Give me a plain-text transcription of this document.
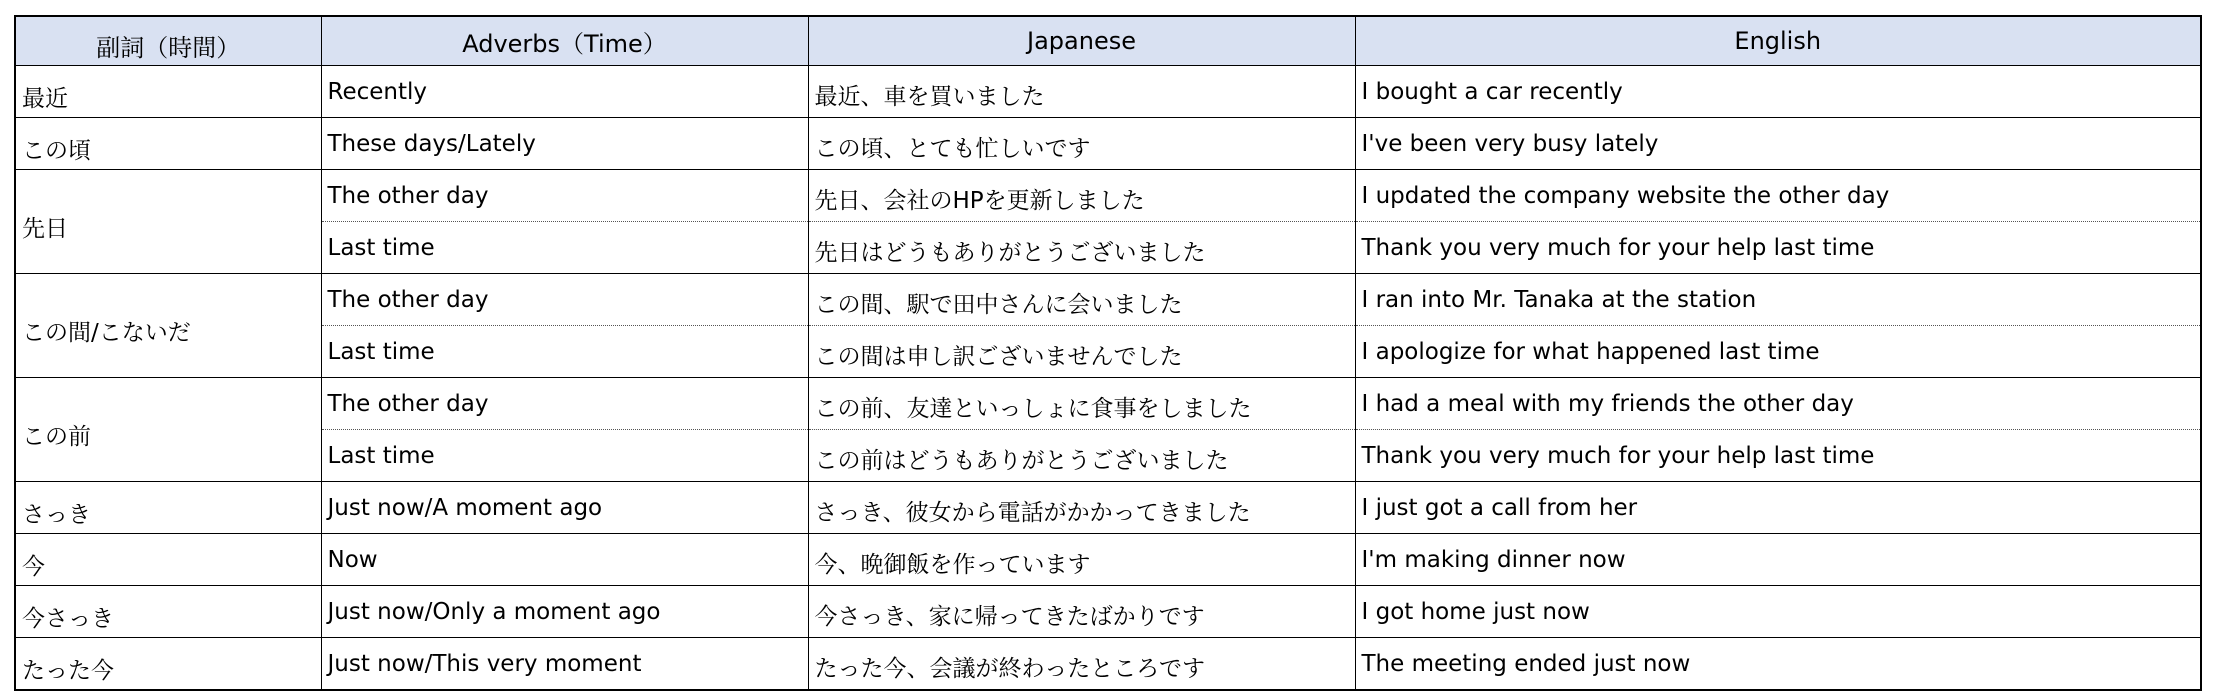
副詞（時間）	Adverbs（Time）	Japanese	English
最近	Recently	最近、車を買いました	I bought a car recently
この頃	These days/Lately	この頃、とても忙しいです	I've been very busy lately
先日	The other day	先日、会社のHPを更新しました	I updated the company website the other day
	Last time	先日はどうもありがとうございました	Thank you very much for your help last time
この間/こないだ	The other day	この間、駅で田中さんに会いました	I ran into Mr. Tanaka at the station
	Last time	この間は申し訳ございませんでした	I apologize for what happened last time
この前	The other day	この前、友達といっしょに食事をしました	I had a meal with my friends the other day
	Last time	この前はどうもありがとうございました	Thank you very much for your help last time
さっき	Just now/A moment ago	さっき、彼女から電話がかかってきました	I just got a call from her
今	Now	今、晩御飯を作っています	I'm making dinner now
今さっき	Just now/Only a moment ago	今さっき、家に帰ってきたばかりです	I got home just now
たった今	Just now/This very moment	たった今、会議が終わったところです	The meeting ended just now
